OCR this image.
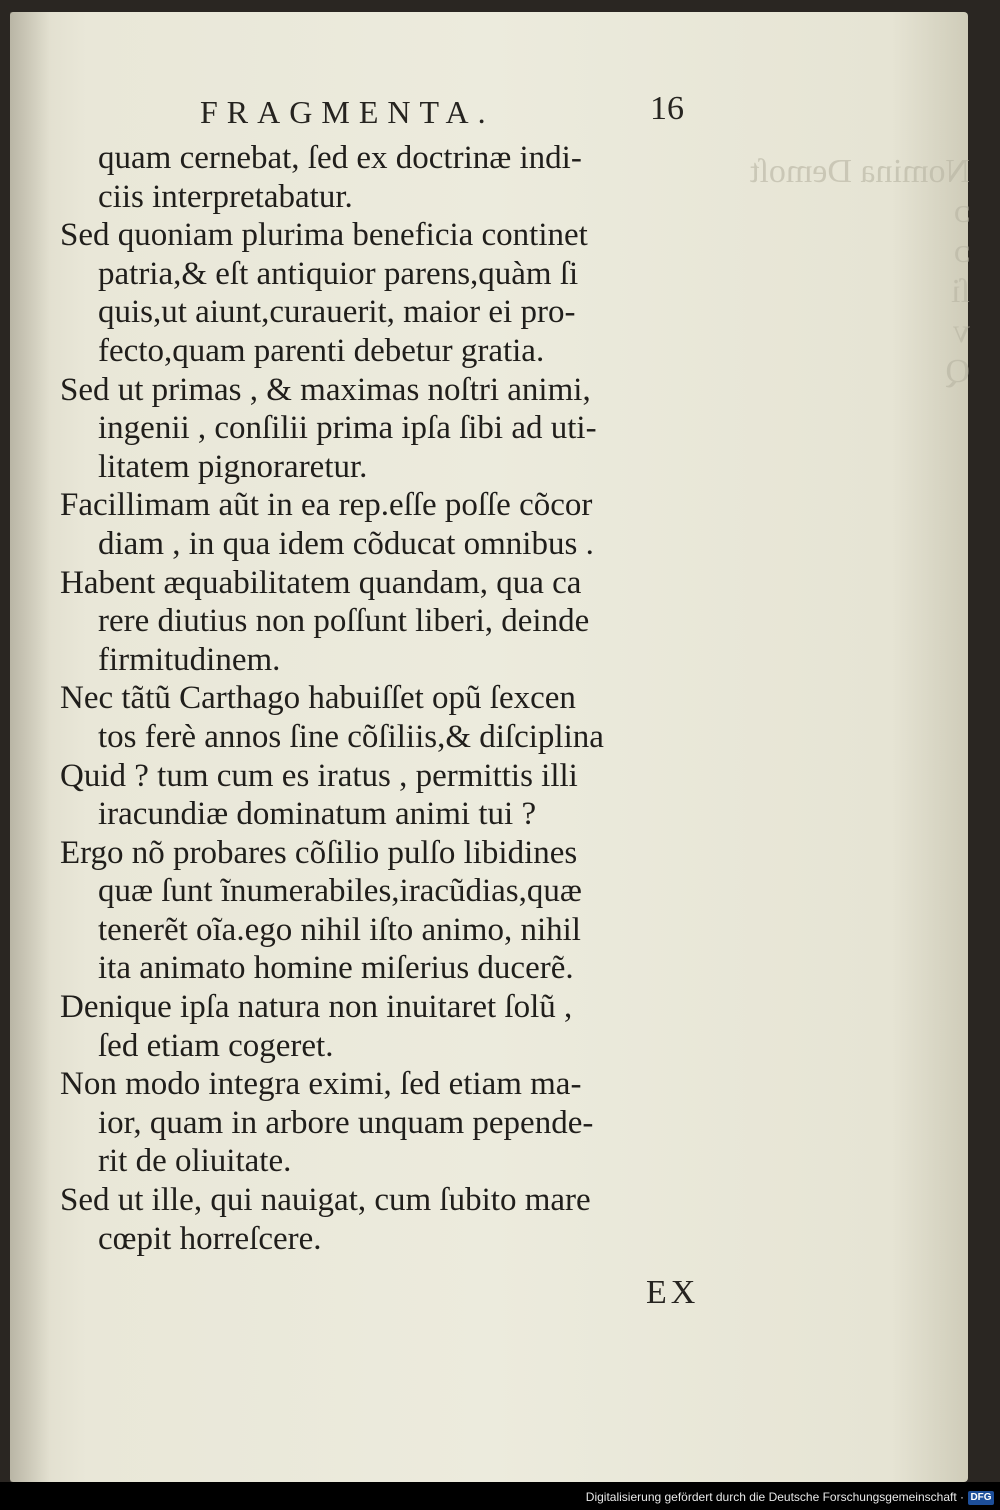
Nomina Demoſt
ᴐ
ᴐ
ſi
v
Q
FRAGMENTA.	16
quam cernebat, ſed ex doctrinæ indi-
ciis interpretabatur.
Sed quoniam plurima beneficia continet
patria,& eſt antiquior parens,quàm ſi
quis,ut aiunt,curauerit, maior ei pro-
fecto,quam parenti debetur gratia.
Sed ut primas , & maximas noſtri animi,
ingenii , conſilii prima ipſa ſibi ad uti-
litatem pignoraretur.
Facillimam aũt in ea rep.eſſe poſſe cõcor
diam , in qua idem cõducat omnibus .
Habent æquabilitatem quandam, qua ca
rere diutius non poſſunt liberi, deinde
firmitudinem.
Nec tãtũ Carthago habuiſſet opũ ſexcen
tos ferè annos ſine cõſiliis,& diſciplina
Quid ? tum cum es iratus , permittis illi
iracundiæ dominatum animi tui ?
Ergo nõ probares cõſilio pulſo libidines
quæ ſunt ĩnumerabiles,iracũdias,quæ
tenerẽt oĩa.ego nihil iſto animo, nihil
ita animato homine miſerius ducerẽ.
Denique ipſa natura non inuitaret ſolũ ,
ſed etiam cogeret.
Non modo integra eximi, ſed etiam ma-
ior, quam in arbore unquam pepende-
rit de oliuitate.
Sed ut ille, qui nauigat, cum ſubito mare
cœpit horreſcere.
EX
Digitalisierung gefördert durch die Deutsche Forschungsgemeinschaft · DFG
